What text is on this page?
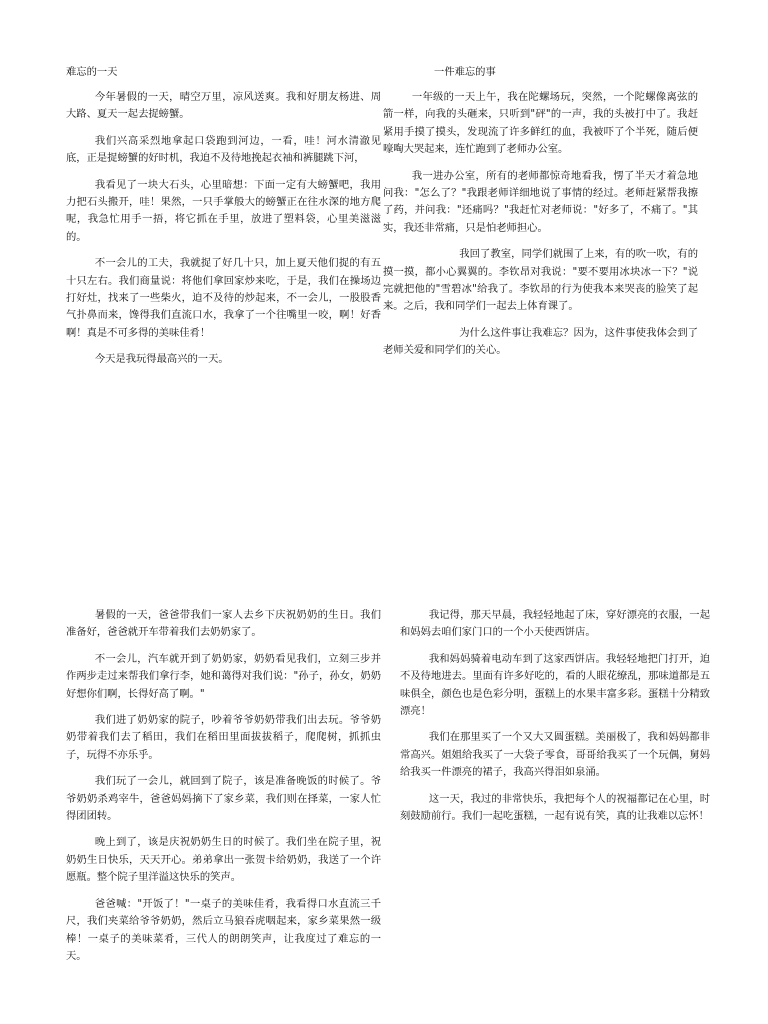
难忘的一天

今年暑假的一天，晴空万里，凉风送爽。我和好朋友杨进、周大路、夏天一起去捉螃蟹。

我们兴高采烈地拿起口袋跑到河边，一看，哇！河水清澈见底，正是捉螃蟹的好时机，我迫不及待地挽起衣袖和裤腿跳下河，

我看见了一块大石头，心里暗想：下面一定有大螃蟹吧，我用力把石头搬开，哇！果然，一只手掌般大的螃蟹正在往水深的地方爬呢，我急忙用手一捂，将它抓在手里，放进了塑料袋，心里美滋滋的。

不一会儿的工夫，我就捉了好几十只，加上夏天他们捉的有五十只左右。我们商量说：将他们拿回家炒来吃，于是，我们在操场边打好灶，找来了一些柴火，迫不及待的炒起来，不一会儿，一股股香气扑鼻而来，馋得我们直流口水，我拿了一个往嘴里一咬，啊！好香啊！真是不可多得的美味佳肴！

今天是我玩得最高兴的一天。

一件难忘的事

一年级的一天上午，我在陀螺场玩，突然，一个陀螺像离弦的箭一样，向我的头砸来，只听到"砰"的一声，我的头被打中了。我赶紧用手摸了摸头，发现流了许多鲜红的血，我被吓了个半死，随后便嚎啕大哭起来，连忙跑到了老师办公室。

我一进办公室，所有的老师都惊奇地看我，愣了半天才着急地问我："怎么了？"我跟老师详细地说了事情的经过。老师赶紧帮我擦了药，并问我："还痛吗？"我赶忙对老师说："好多了，不痛了。"其实，我还非常痛，只是怕老师担心。

我回了教室，同学们就围了上来，有的吹一吹，有的摸一摸，都小心翼翼的。李钦昂对我说："要不要用冰块冰一下？"说完就把他的"雪碧冰"给我了。李钦昂的行为使我本来哭丧的脸笑了起来。之后，我和同学们一起去上体育课了。

为什么这件事让我难忘？因为，这件事使我体会到了老师关爱和同学们的关心。

暑假的一天，爸爸带我们一家人去乡下庆祝奶奶的生日。我们准备好，爸爸就开车带着我们去奶奶家了。

不一会儿，汽车就开到了奶奶家，奶奶看见我们，立刻三步并作两步走过来帮我们拿行李，她和蔼得对我们说："孙子，孙女，奶奶好想你们啊，长得好高了啊。"

我们进了奶奶家的院子，吵着爷爷奶奶带我们出去玩。爷爷奶奶带着我们去了稻田，我们在稻田里面拔拔稻子，爬爬树，抓抓虫子，玩得不亦乐乎。

我们玩了一会儿，就回到了院子，该是准备晚饭的时候了。爷爷奶奶杀鸡宰牛，爸爸妈妈摘下了家乡菜，我们则在择菜，一家人忙得团团转。

晚上到了，该是庆祝奶奶生日的时候了。我们坐在院子里，祝奶奶生日快乐，天天开心。弟弟拿出一张贺卡给奶奶，我送了一个许愿瓶。整个院子里洋溢这快乐的笑声。

爸爸喊："开饭了！"一桌子的美味佳肴，我看得口水直流三千尺，我们夹菜给爷爷奶奶，然后立马狼吞虎咽起来，家乡菜果然一级棒！一桌子的美味菜肴，三代人的朗朗笑声，让我度过了难忘的一天。

我记得，那天早晨，我轻轻地起了床，穿好漂亮的衣服，一起和妈妈去咱们家门口的一个小天使西饼店。

我和妈妈骑着电动车到了这家西饼店。我轻轻地把门打开，迫不及待地进去。里面有许多好吃的，看的人眼花缭乱，那味道都是五味俱全，颜色也是色彩分明，蛋糕上的水果丰富多彩。蛋糕十分精致漂亮！

我们在那里买了一个又大又圆蛋糕。美丽极了，我和妈妈都非常高兴。姐姐给我买了一大袋子零食，哥哥给我买了一个玩偶，舅妈给我买一件漂亮的裙子，我高兴得泪如泉涌。

这一天，我过的非常快乐，我把每个人的祝福都记在心里，时刻鼓励前行。我们一起吃蛋糕，一起有说有笑，真的让我难以忘怀！
